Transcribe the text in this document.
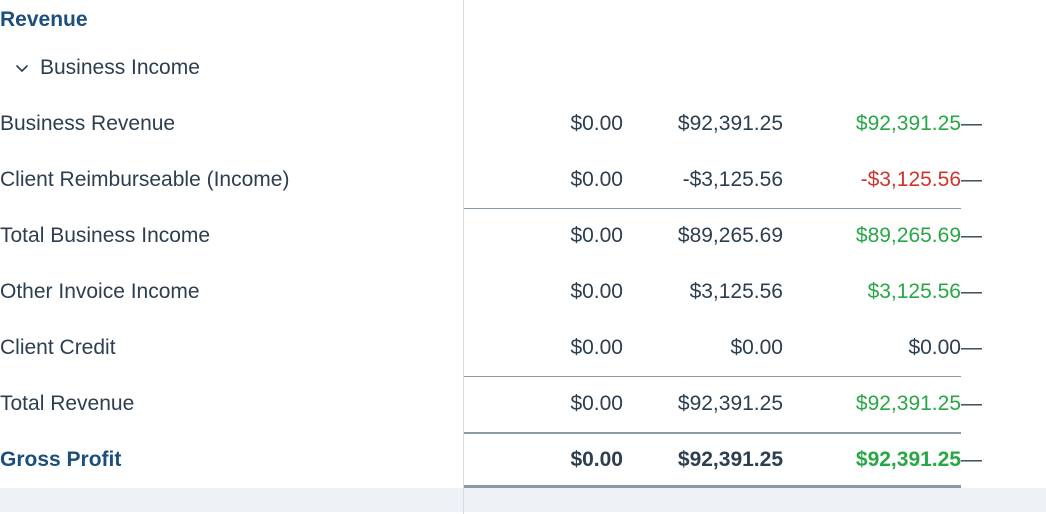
Revenue				

Business Income				

Business Revenue	$0.00	$92,391.25	$92,391.25	—
Client Reimburseable (Income)	$0.00	-$3,125.56	-$3,125.56	—
Total Business Income	$0.00	$89,265.69	$89,265.69	—
Other Invoice Income	$0.00	$3,125.56	$3,125.56	—
Client Credit	$0.00	$0.00	$0.00	—
Total Revenue	$0.00	$92,391.25	$92,391.25	—
Gross Profit	$0.00	$92,391.25	$92,391.25	—
